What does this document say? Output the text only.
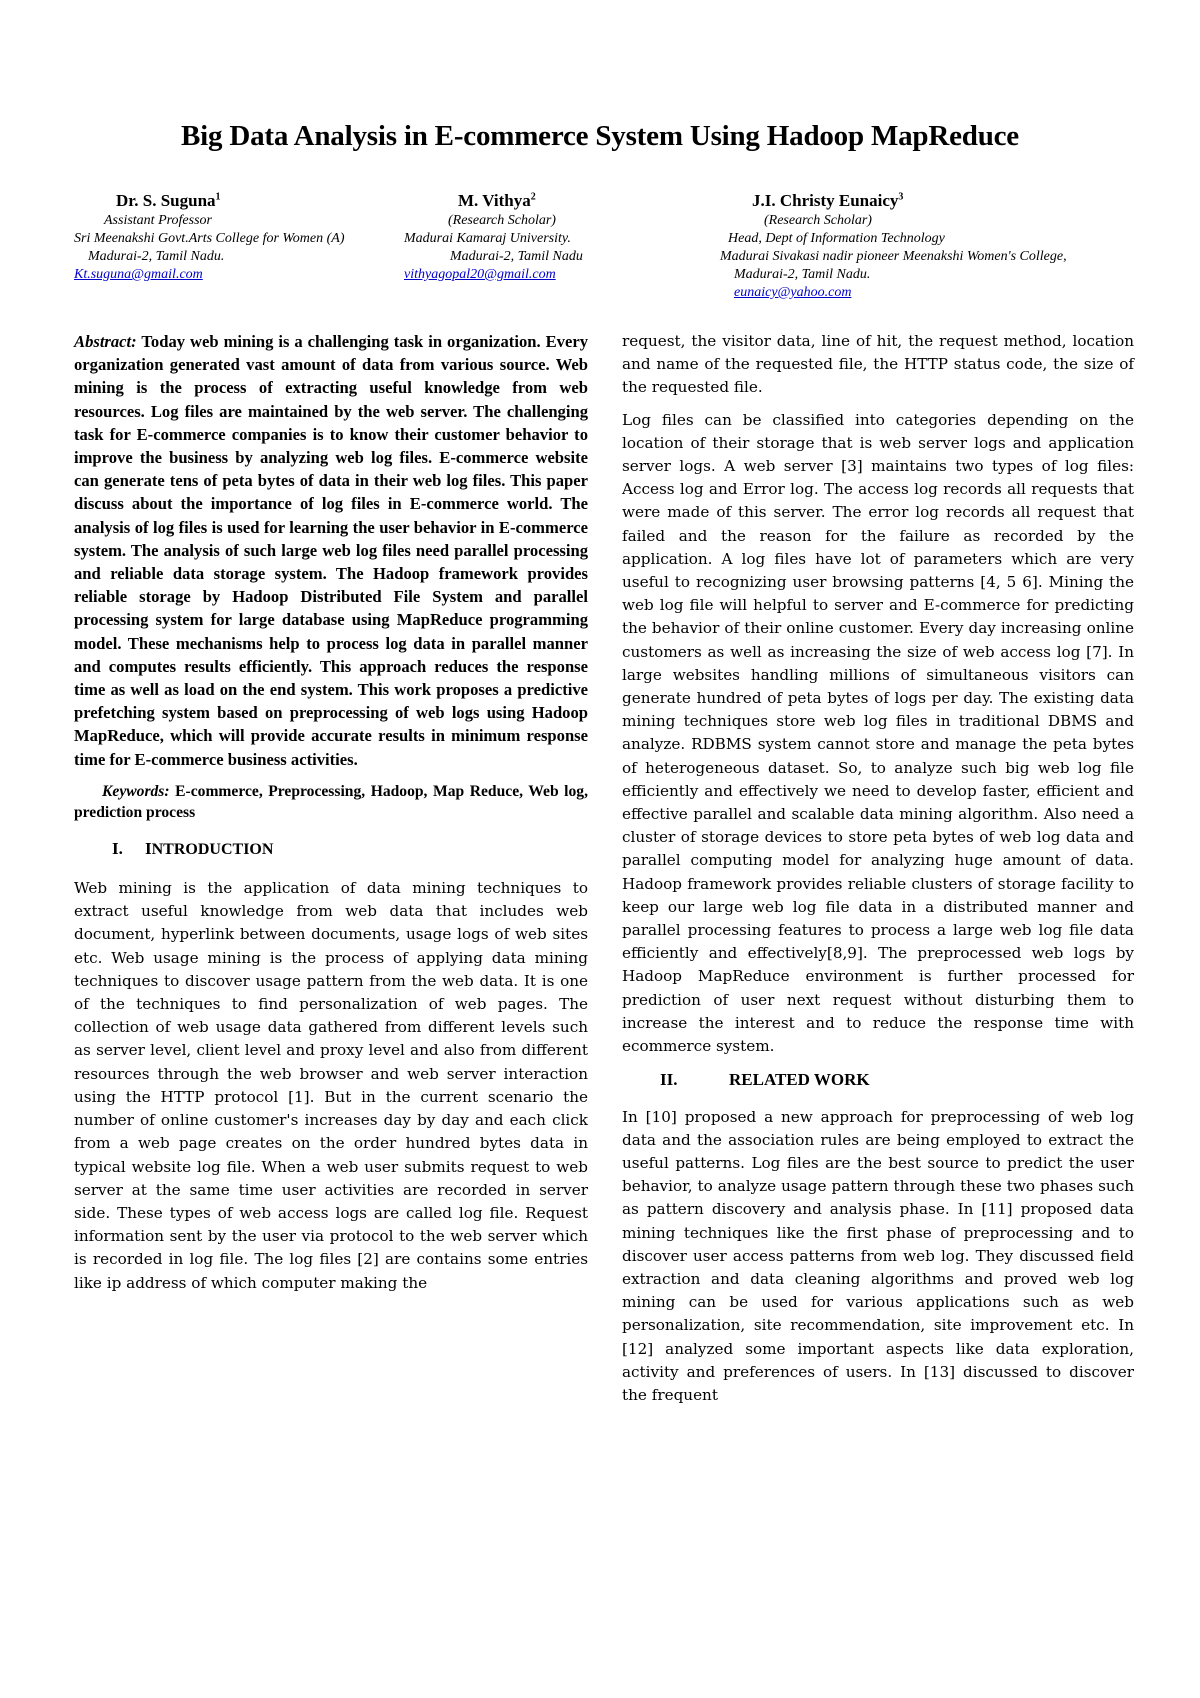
Big Data Analysis in E-commerce System Using Hadoop MapReduce
Dr. S. Suguna$^1$
Assistant Professor
Sri Meenakshi Govt.Arts College for Women (A)
Madurai-2, Tamil Nadu.
Kt.suguna@gmail.com
M. Vithya$^2$
(Research Scholar)
Madurai Kamaraj University.
Madurai-2, Tamil Nadu
vithyagopal20@gmail.com
J.I. Christy Eunaicy$^3$
(Research Scholar)
Head, Dept of Information Technology
Madurai Sivakasi nadir pioneer Meenakshi Women's College,
Madurai-2, Tamil Nadu.
eunaicy@yahoo.com

Abstract: Today web mining is a challenging task in organization. Every organization generated vast amount of data from various source. Web mining is the process of extracting useful knowledge from web resources. Log files are maintained by the web server. The challenging task for E-commerce companies is to know their customer behavior to improve the business by analyzing web log files. E-commerce website can generate tens of peta bytes of data in their web log files. This paper discuss about the importance of log files in E-commerce world. The analysis of log files is used for learning the user behavior in E-commerce system. The analysis of such large web log files need parallel processing and reliable data storage system. The Hadoop framework provides reliable storage by Hadoop Distributed File System and parallel processing system for large database using MapReduce programming model. These mechanisms help to process log data in parallel manner and computes results efficiently. This approach reduces the response time as well as load on the end system. This work proposes a predictive prefetching system based on preprocessing of web logs using Hadoop MapReduce, which will provide accurate results in minimum response time for E-commerce business activities.

Keywords: E-commerce, Preprocessing, Hadoop, Map Reduce, Web log, prediction process

I. INTRODUCTION

Web mining is the application of data mining techniques to extract useful knowledge from web data that includes web document, hyperlink between documents, usage logs of web sites etc. Web usage mining is the process of applying data mining techniques to discover usage pattern from the web data. It is one of the techniques to find personalization of web pages. The collection of web usage data gathered from different levels such as server level, client level and proxy level and also from different resources through the web browser and web server interaction using the HTTP protocol [1]. But in the current scenario the number of online customer's increases day by day and each click from a web page creates on the order hundred bytes data in typical website log file. When a web user submits request to web server at the same time user activities are recorded in server side. These types of web access logs are called log file. Request information sent by the user via protocol to the web server which is recorded in log file. The log files [2] are contains some entries like ip address of which computer making the

request, the visitor data, line of hit, the request method, location and name of the requested file, the HTTP status code, the size of the requested file.

Log files can be classified into categories depending on the location of their storage that is web server logs and application server logs. A web server [3] maintains two types of log files: Access log and Error log. The access log records all requests that were made of this server. The error log records all request that failed and the reason for the failure as recorded by the application. A log files have lot of parameters which are very useful to recognizing user browsing patterns [4, 5 6]. Mining the web log file will helpful to server and E-commerce for predicting the behavior of their online customer. Every day increasing online customers as well as increasing the size of web access log [7]. In large websites handling millions of simultaneous visitors can generate hundred of peta bytes of logs per day. The existing data mining techniques store web log files in traditional DBMS and analyze. RDBMS system cannot store and manage the peta bytes of heterogeneous dataset. So, to analyze such big web log file efficiently and effectively we need to develop faster, efficient and effective parallel and scalable data mining algorithm. Also need a cluster of storage devices to store peta bytes of web log data and parallel computing model for analyzing huge amount of data. Hadoop framework provides reliable clusters of storage facility to keep our large web log file data in a distributed manner and parallel processing features to process a large web log file data efficiently and effectively[8,9]. The preprocessed web logs by Hadoop MapReduce environment is further processed for prediction of user next request without disturbing them to increase the interest and to reduce the response time with ecommerce system.

II.	RELATED WORK

In [10] proposed a new approach for preprocessing of web log data and the association rules are being employed to extract the useful patterns. Log files are the best source to predict the user behavior, to analyze usage pattern through these two phases such as pattern discovery and analysis phase. In [11] proposed data mining techniques like the first phase of preprocessing and to discover user access patterns from web log. They discussed field extraction and data cleaning algorithms and proved web log mining can be used for various applications such as web personalization, site recommendation, site improvement etc. In [12] analyzed some important aspects like data exploration, activity and preferences of users. In [13] discussed to discover the frequent
